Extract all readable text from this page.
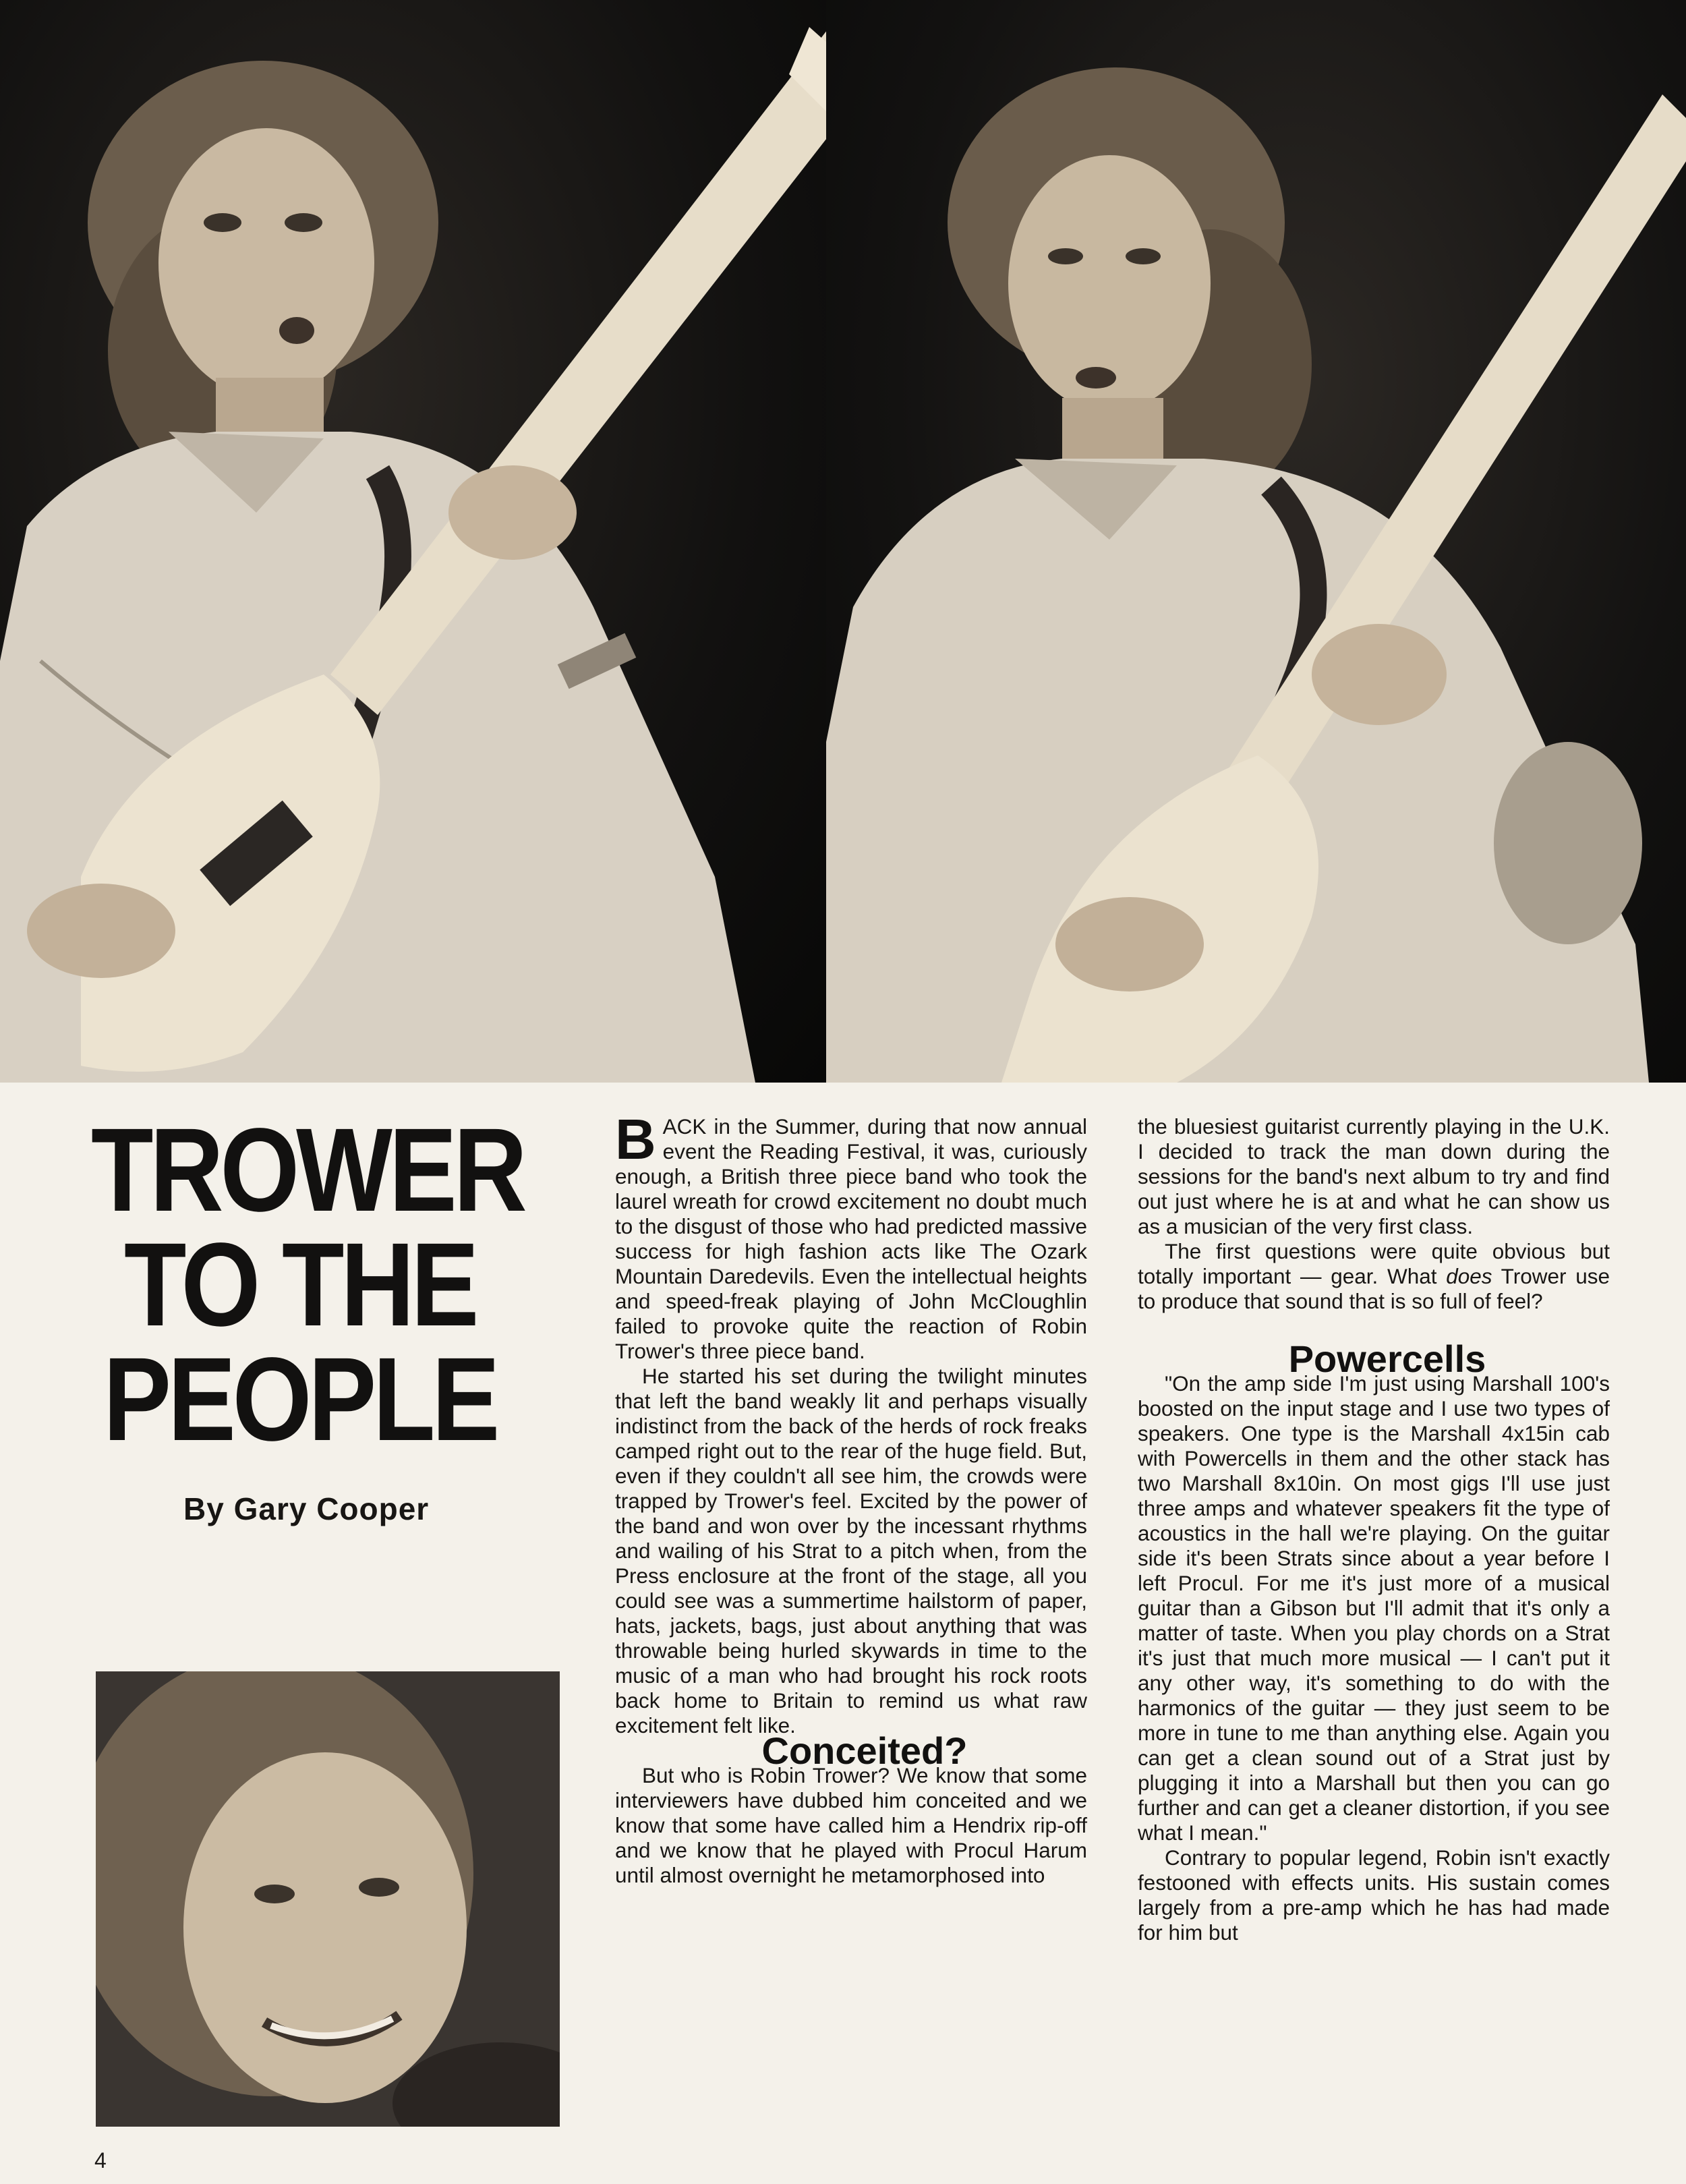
TROWER
TO THE
PEOPLE
By Gary Cooper

BACK in the Summer, during that now annual event the Reading Festival, it was, curiously enough, a British three piece band who took the laurel wreath for crowd excitement no doubt much to the disgust of those who had predicted massive success for high fashion acts like The Ozark Mountain Daredevils. Even the intellectual heights and speed-freak playing of John McCloughlin failed to provoke quite the reaction of Robin Trower's three piece band.

He started his set during the twilight minutes that left the band weakly lit and perhaps visually indistinct from the back of the herds of rock freaks camped right out to the rear of the huge field. But, even if they couldn't all see him, the crowds were trapped by Trower's feel. Excited by the power of the band and won over by the incessant rhythms and wailing of his Strat to a pitch when, from the Press enclosure at the front of the stage, all you could see was a summertime hailstorm of paper, hats, jackets, bags, just about anything that was throwable being hurled skywards in time to the music of a man who had brought his rock roots back home to Britain to remind us what raw excitement felt like.

Conceited?

But who is Robin Trower? We know that some interviewers have dubbed him conceited and we know that some have called him a Hendrix rip-off and we know that he played with Procul Harum until almost overnight he metamorphosed into

the bluesiest guitarist currently playing in the U.K. I decided to track the man down during the sessions for the band's next album to try and find out just where he is at and what he can show us as a musician of the very first class.

The first questions were quite obvious but totally important — gear. What does Trower use to produce that sound that is so full of feel?

Powercells

"On the amp side I'm just using Marshall 100's boosted on the input stage and I use two types of speakers. One type is the Marshall 4x15in cab with Powercells in them and the other stack has two Marshall 8x10in. On most gigs I'll use just three amps and whatever speakers fit the type of acoustics in the hall we're playing. On the guitar side it's been Strats since about a year before I left Procul. For me it's just more of a musical guitar than a Gibson but I'll admit that it's only a matter of taste. When you play chords on a Strat it's just that much more musical — I can't put it any other way, it's something to do with the harmonics of the guitar — they just seem to be more in tune to me than anything else. Again you can get a clean sound out of a Strat just by plugging it into a Marshall but then you can go further and can get a cleaner distortion, if you see what I mean."

Contrary to popular legend, Robin isn't exactly festooned with effects units. His sustain comes largely from a pre-amp which he has had made for him but

4
